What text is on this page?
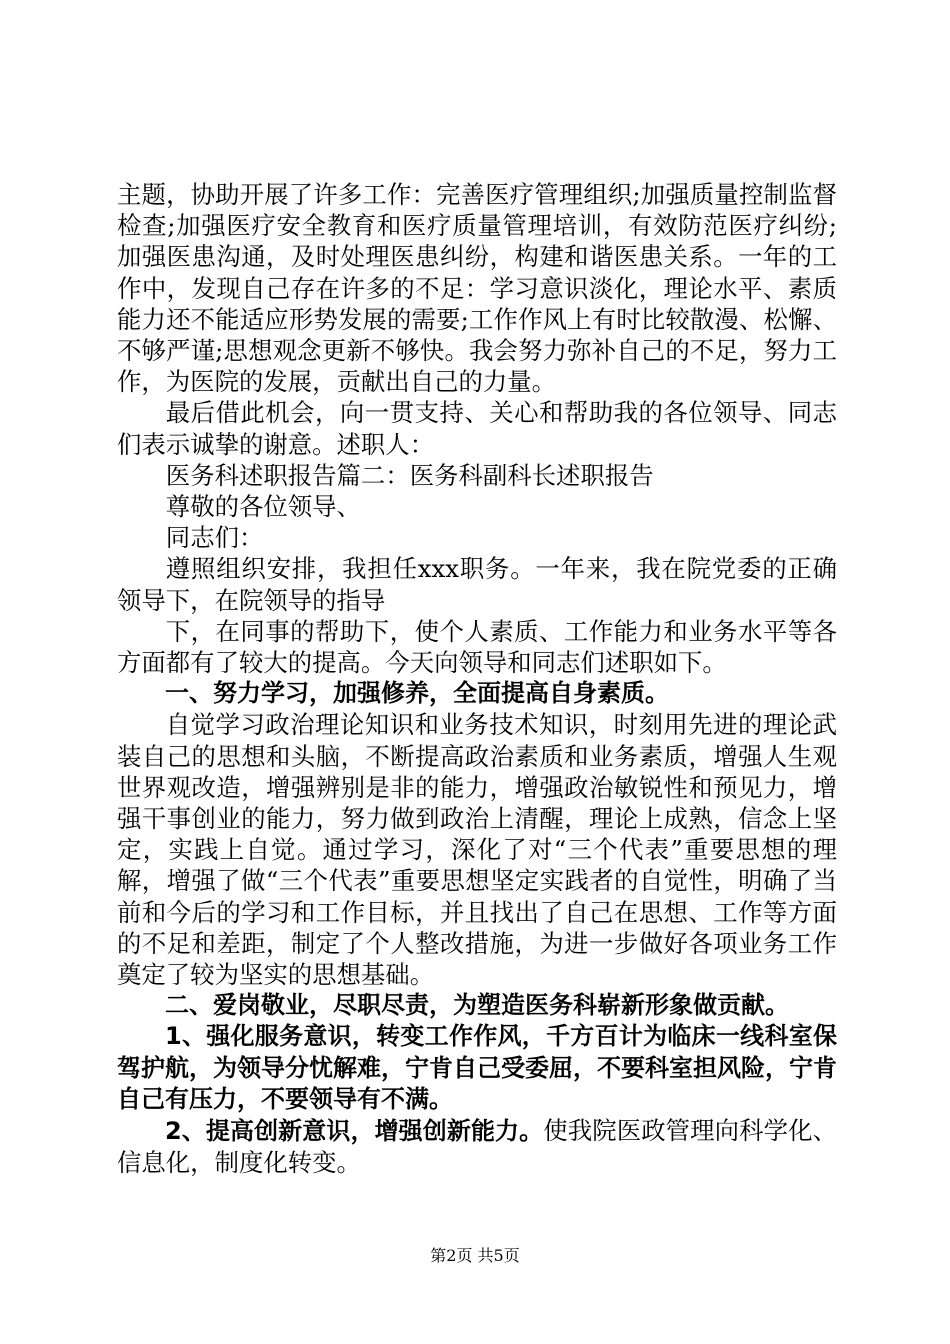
主题，协助开展了许多工作：完善医疗管理组织;加强质量控制监督检查;加强医疗安全教育和医疗质量管理培训，有效防范医疗纠纷;加强医患沟通，及时处理医患纠纷，构建和谐医患关系。一年的工作中，发现自己存在许多的不足：学习意识淡化，理论水平、素质能力还不能适应形势发展的需要;工作作风上有时比较散漫、松懈、不够严谨;思想观念更新不够快。我会努力弥补自己的不足，努力工作，为医院的发展，贡献出自己的力量。

最后借此机会，向一贯支持、关心和帮助我的各位领导、同志们表示诚挚的谢意。述职人：

医务科述职报告篇二：医务科副科长述职报告

尊敬的各位领导、

同志们：

遵照组织安排，我担任xxx职务。一年来，我在院党委的正确领导下，在院领导的指导

下，在同事的帮助下，使个人素质、工作能力和业务水平等各方面都有了较大的提高。今天向领导和同志们述职如下。

一、努力学习，加强修养，全面提高自身素质。

自觉学习政治理论知识和业务技术知识，时刻用先进的理论武装自己的思想和头脑，不断提高政治素质和业务素质，增强人生观世界观改造，增强辨别是非的能力，增强政治敏锐性和预见力，增强干事创业的能力，努力做到政治上清醒，理论上成熟，信念上坚定，实践上自觉。通过学习，深化了对“三个代表”重要思想的理解，增强了做“三个代表”重要思想坚定实践者的自觉性，明确了当前和今后的学习和工作目标，并且找出了自己在思想、工作等方面的不足和差距，制定了个人整改措施，为进一步做好各项业务工作奠定了较为坚实的思想基础。

二、爱岗敬业，尽职尽责，为塑造医务科崭新形象做贡献。

1、强化服务意识，转变工作作风，千方百计为临床一线科室保驾护航，为领导分忧解难，宁肯自己受委屈，不要科室担风险，宁肯自己有压力，不要领导有不满。

2、提高创新意识，增强创新能力。使我院医政管理向科学化、信息化，制度化转变。

第2页 共5页
